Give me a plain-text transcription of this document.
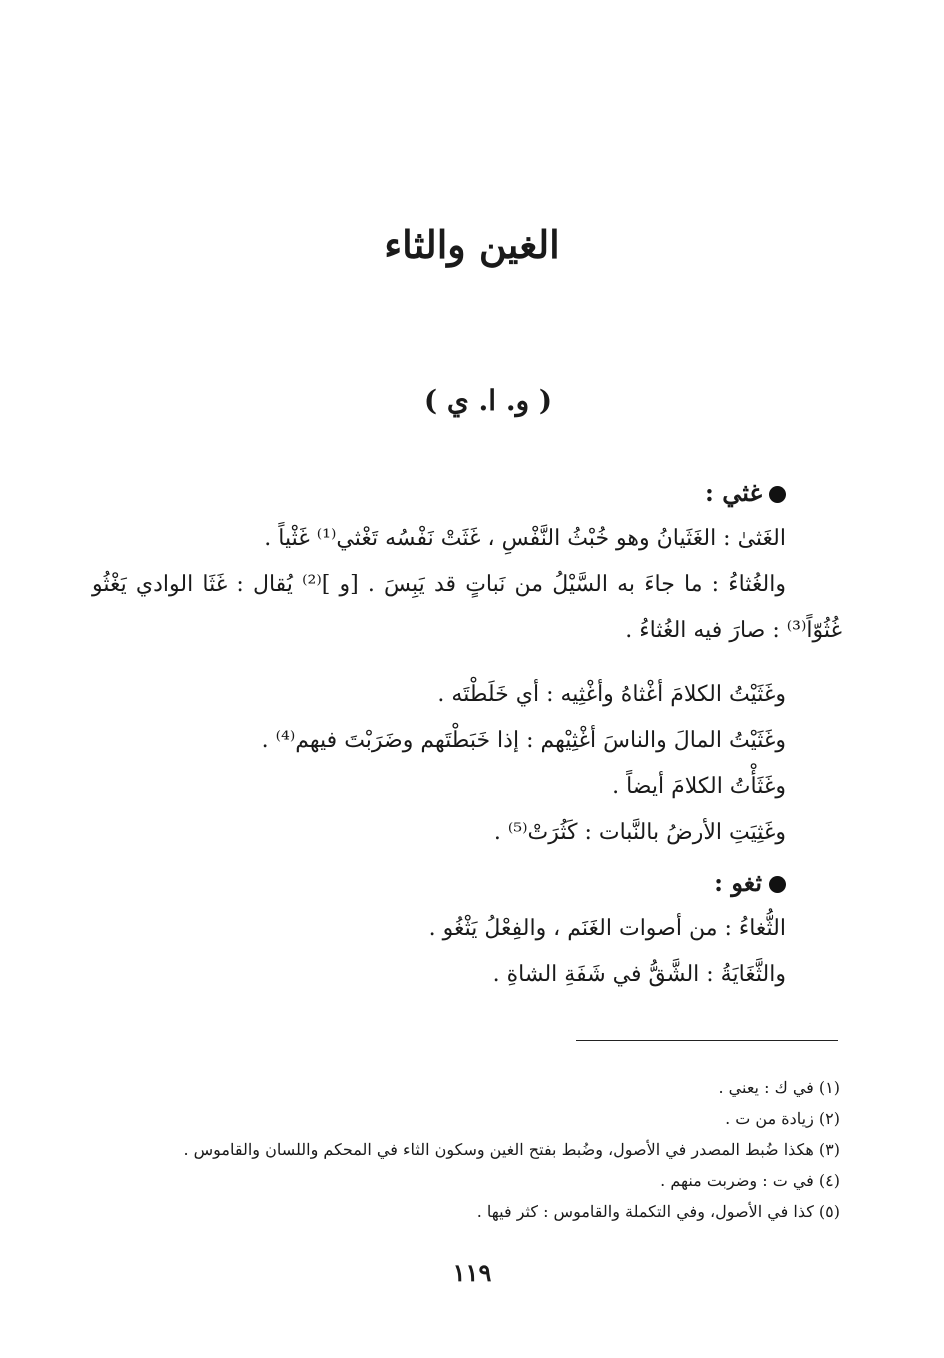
الغين والثاء
( و. ا. ي )
غثي :
الغَثىٰ : الغَثَيانُ وهو خُبْثُ النَّفْسِ ، غَثَتْ نَفْسُه تَغْثي⁽¹⁾ غَثْياً .
والغُثاءُ : ما جاءَ به السَّيْلُ من نَباتٍ قد يَبِسَ . [و ]⁽²⁾ يُقال : غَثَا الوادي يَغْثُو
غُثُوّاً⁽³⁾ : صارَ فيه الغُثاءُ .
وغَثَيْتُ الكلامَ أغْثاهُ وأغْثِيه : أي خَلَطْتَه .
وغَثَيْتُ المالَ والناسَ أغْثِيْهم : إذا خَبَطْتَهم وضَرَبْتَ فيهم⁽⁴⁾ .
وغَثَأْتُ الكلامَ أيضاً .
وغَثِيَتِ الأرضُ بالنَّبات : كَثُرَتْ⁽⁵⁾ .
ثغو :
الثُّغاءُ : من أصوات الغَنَم ، والفِعْلُ يَثْغُو .
والثَّغَايَةُ : الشَّقُّ في شَفَةِ الشاةِ .
(١) في ك : يعني .
(٢) زيادة من ت .
(٣) هكذا ضُبط المصدر في الأصول، وضُبط بفتح الغين وسكون الثاء في المحكم واللسان والقاموس .
(٤) في ت : وضربت منهم .
(٥) كذا في الأصول، وفي التكملة والقاموس : كثر فيها .
١١٩
